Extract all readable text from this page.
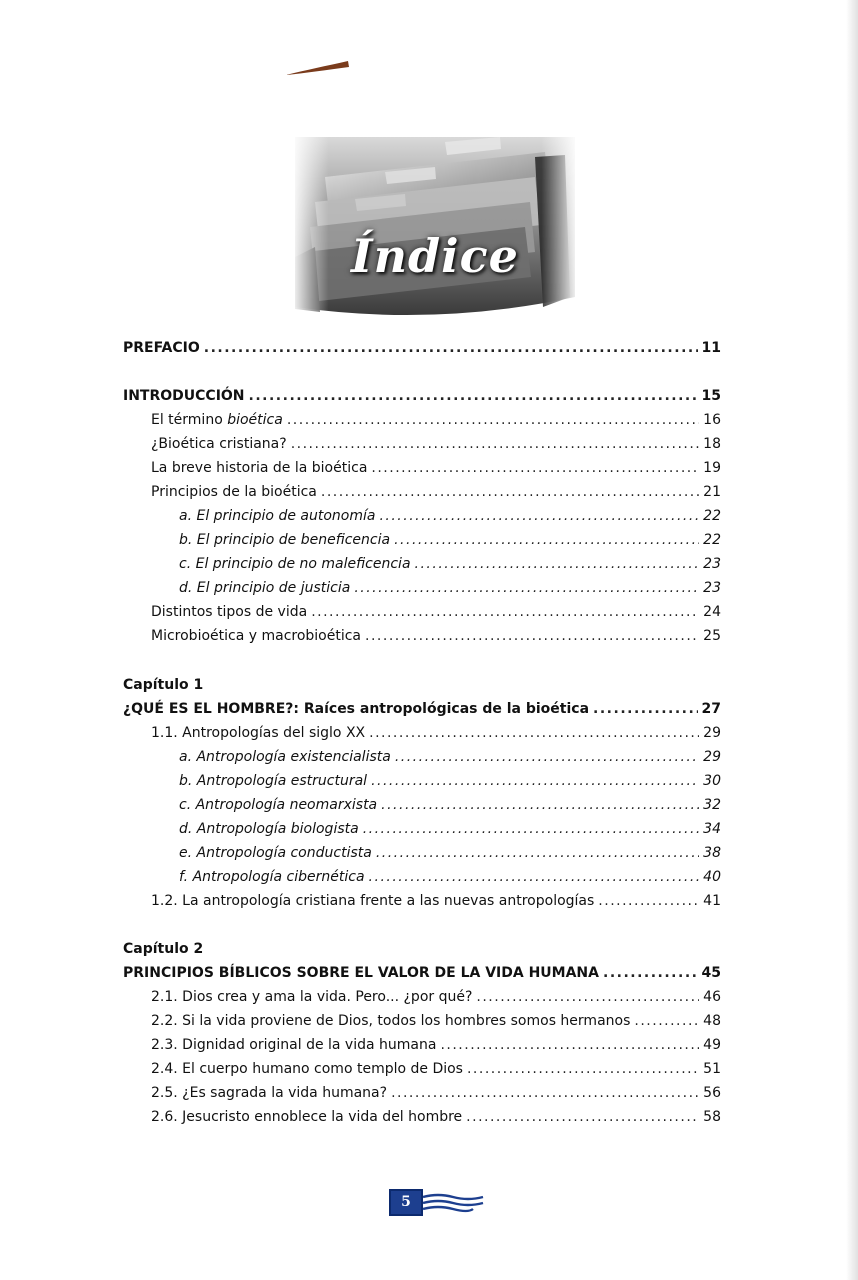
Índice
PREFACIO .....	11
INTRODUCCIÓN .....	15
El término bioética .....	16
¿Bioética cristiana? .....	18
La breve historia de la bioética .....	19
Principios de la bioética .....	21
a. El principio de autonomía .....	22
b. El principio de beneficencia .....	22
c. El principio de no maleficencia .....	23
d. El principio de justicia .....	23
Distintos tipos de vida .....	24
Microbioética y macrobioética .....	25
Capítulo 1
¿QUÉ ES EL HOMBRE?: Raíces antropológicas de la bioética .....	27
1.1. Antropologías del siglo XX .....	29
a. Antropología existencialista .....	29
b. Antropología estructural .....	30
c. Antropología neomarxista .....	32
d. Antropología biologista .....	34
e. Antropología conductista .....	38
f. Antropología cibernética .....	40
1.2. La antropología cristiana frente a las nuevas antropologías .....	41
Capítulo 2
PRINCIPIOS BÍBLICOS SOBRE EL VALOR DE LA VIDA HUMANA .....	45
2.1. Dios crea y ama la vida. Pero... ¿por qué? .....	46
2.2. Si la vida proviene de Dios, todos los hombres somos hermanos .....	48
2.3. Dignidad original de la vida humana .....	49
2.4. El cuerpo humano como templo de Dios .....	51
2.5. ¿Es sagrada la vida humana? .....	56
2.6. Jesucristo ennoblece la vida del hombre .....	58
5
